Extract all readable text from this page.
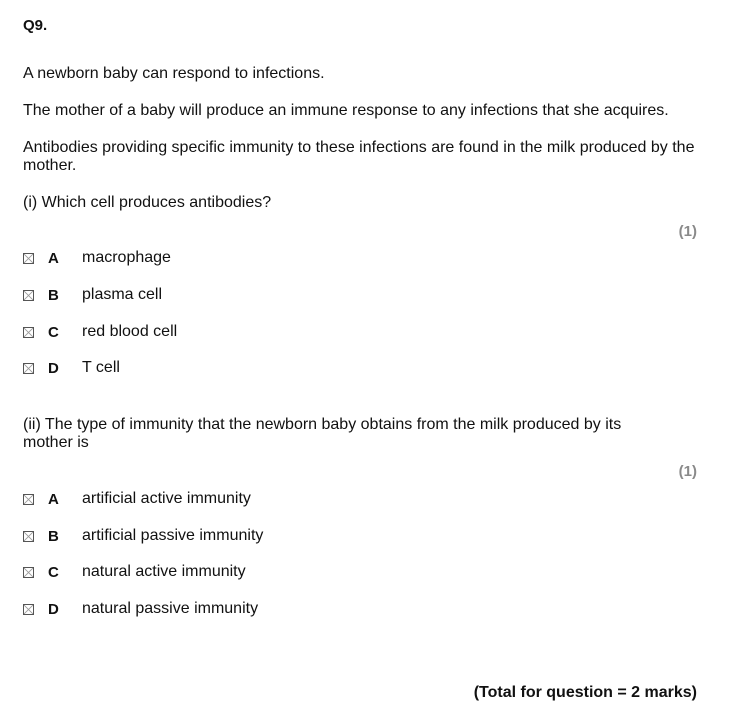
Q9.
A newborn baby can respond to infections.
The mother of a baby will produce an immune response to any infections that she acquires.
Antibodies providing specific immunity to these infections are found in the milk produced by the mother.
(i) Which cell produces antibodies?
(1)
A	macrophage
B	plasma cell
C	red blood cell
D	T cell
(ii) The type of immunity that the newborn baby obtains from the milk produced by its mother is
(1)
A	artificial active immunity
B	artificial passive immunity
C	natural active immunity
D	natural passive immunity
(Total for question = 2 marks)
